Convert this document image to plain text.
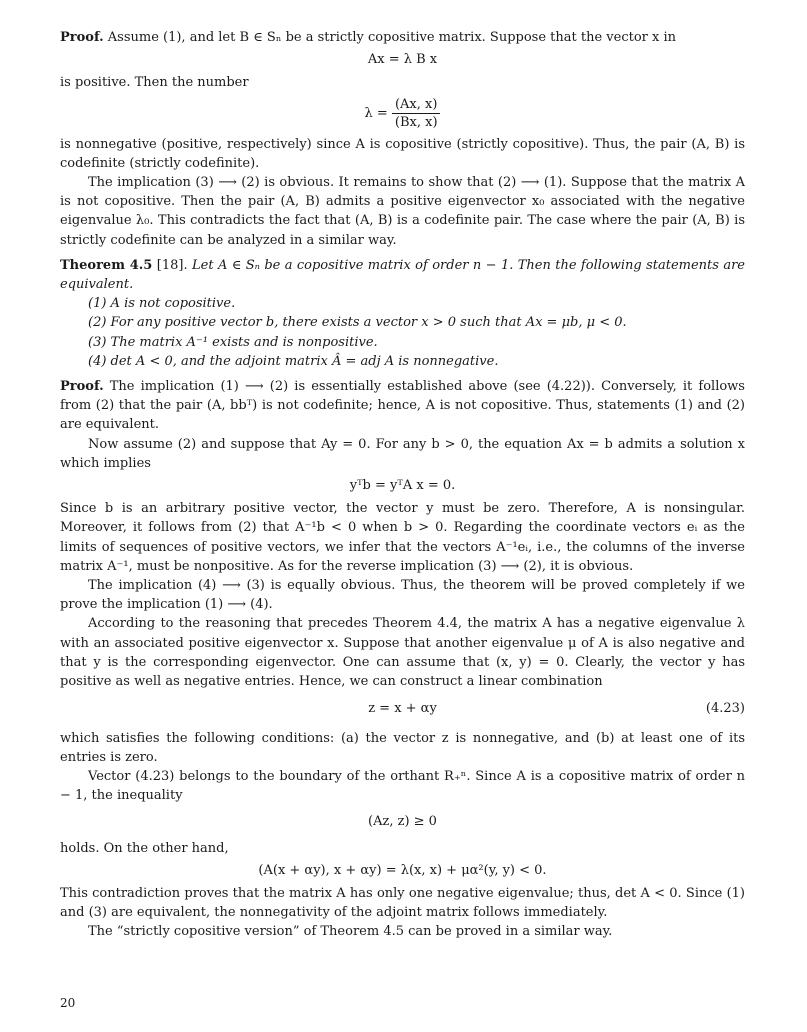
Proof. Assume (1), and let B ∈ Sₙ be a strictly copositive matrix. Suppose that the vector x in

Ax = λ B x

is positive. Then the number

$\lambda = \frac{(Ax, x)}{(Bx, x)}$

is nonnegative (positive, respectively) since A is copositive (strictly copositive). Thus, the pair (A, B) is codefinite (strictly codefinite).

The implication (3) ⟶ (2) is obvious. It remains to show that (2) ⟶ (1). Suppose that the matrix A is not copositive. Then the pair (A, B) admits a positive eigenvector x₀ associated with the negative eigenvalue λ₀. This contradicts the fact that (A, B) is a codefinite pair. The case where the pair (A, B) is strictly codefinite can be analyzed in a similar way.

Theorem 4.5 [18]. Let A ∈ Sₙ be a copositive matrix of order n − 1. Then the following statements are equivalent.

(1) A is not copositive.

(2) For any positive vector b, there exists a vector x > 0 such that Ax = μb, μ < 0.

(3) The matrix A⁻¹ exists and is nonpositive.

(4) det A < 0, and the adjoint matrix Â = adj A is nonnegative.

Proof. The implication (1) ⟶ (2) is essentially established above (see (4.22)). Conversely, it follows from (2) that the pair (A, bbᵀ) is not codefinite; hence, A is not copositive. Thus, statements (1) and (2) are equivalent.

Now assume (2) and suppose that Ay = 0. For any b > 0, the equation Ax = b admits a solution x which implies

yᵀb = yᵀA x = 0.

Since b is an arbitrary positive vector, the vector y must be zero. Therefore, A is nonsingular. Moreover, it follows from (2) that A⁻¹b < 0 when b > 0. Regarding the coordinate vectors eᵢ as the limits of sequences of positive vectors, we infer that the vectors A⁻¹eᵢ, i.e., the columns of the inverse matrix A⁻¹, must be nonpositive. As for the reverse implication (3) ⟶ (2), it is obvious.

The implication (4) ⟶ (3) is equally obvious. Thus, the theorem will be proved completely if we prove the implication (1) ⟶ (4).

According to the reasoning that precedes Theorem 4.4, the matrix A has a negative eigenvalue λ with an associated positive eigenvector x. Suppose that another eigenvalue μ of A is also negative and that y is the corresponding eigenvector. One can assume that (x, y) = 0. Clearly, the vector y has positive as well as negative entries. Hence, we can construct a linear combination

z = x + αy	(4.23)

which satisfies the following conditions: (a) the vector z is nonnegative, and (b) at least one of its entries is zero.

Vector (4.23) belongs to the boundary of the orthant R₊ⁿ. Since A is a copositive matrix of order n − 1, the inequality

(Az, z) ≥ 0

holds. On the other hand,

(A(x + αy), x + αy) = λ(x, x) + μα²(y, y) < 0.

This contradiction proves that the matrix A has only one negative eigenvalue; thus, det A < 0. Since (1) and (3) are equivalent, the nonnegativity of the adjoint matrix follows immediately.

The “strictly copositive version” of Theorem 4.5 can be proved in a similar way.

20
